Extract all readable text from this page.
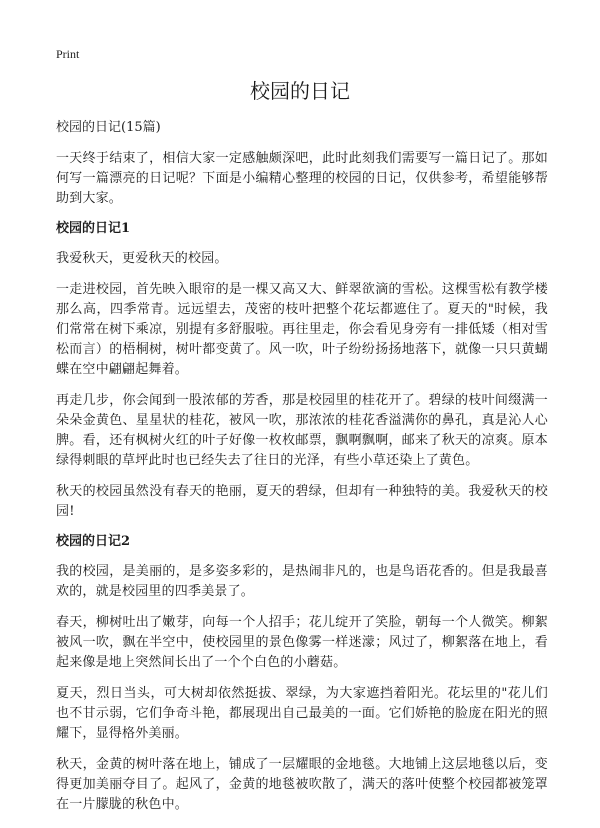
Print
校园的日记
校园的日记(15篇)

一天终于结束了，相信大家一定感触颇深吧，此时此刻我们需要写一篇日记了。那如何写一篇漂亮的日记呢？下面是小编精心整理的校园的日记，仅供参考，希望能够帮助到大家。

校园的日记1

我爱秋天，更爱秋天的校园。

一走进校园，首先映入眼帘的是一棵又高又大、鲜翠欲滴的雪松。这棵雪松有教学楼那么高，四季常青。远远望去，茂密的枝叶把整个花坛都遮住了。夏天的"时候，我们常常在树下乘凉，别提有多舒服啦。再往里走，你会看见身旁有一排低矮（相对雪松而言）的梧桐树，树叶都变黄了。风一吹，叶子纷纷扬扬地落下，就像一只只黄蝴蝶在空中翩翩起舞着。

再走几步，你会闻到一股浓郁的芳香，那是校园里的桂花开了。碧绿的枝叶间缀满一朵朵金黄色、星星状的桂花，被风一吹，那浓浓的桂花香溢满你的鼻孔，真是沁人心脾。看，还有枫树火红的叶子好像一枚枚邮票，飘啊飘啊，邮来了秋天的凉爽。原本绿得刺眼的草坪此时也已经失去了往日的光泽，有些小草还染上了黄色。

秋天的校园虽然没有春天的艳丽，夏天的碧绿，但却有一种独特的美。我爱秋天的校园!

校园的日记2

我的校园，是美丽的，是多姿多彩的，是热闹非凡的，也是鸟语花香的。但是我最喜欢的，就是校园里的四季美景了。

春天，柳树吐出了嫩芽，向每一个人招手；花儿绽开了笑脸，朝每一个人微笑。柳絮被风一吹，飘在半空中，使校园里的景色像雾一样迷濛；风过了，柳絮落在地上，看起来像是地上突然间长出了一个个白色的小蘑菇。

夏天，烈日当头，可大树却依然挺拔、翠绿，为大家遮挡着阳光。花坛里的"花儿们也不甘示弱，它们争奇斗艳，都展现出自己最美的一面。它们娇艳的脸庞在阳光的照耀下，显得格外美丽。

秋天，金黄的树叶落在地上，铺成了一层耀眼的金地毯。大地铺上这层地毯以后，变得更加美丽夺目了。起风了，金黄的地毯被吹散了，满天的落叶使整个校园都被笼罩在一片朦胧的秋色中。
